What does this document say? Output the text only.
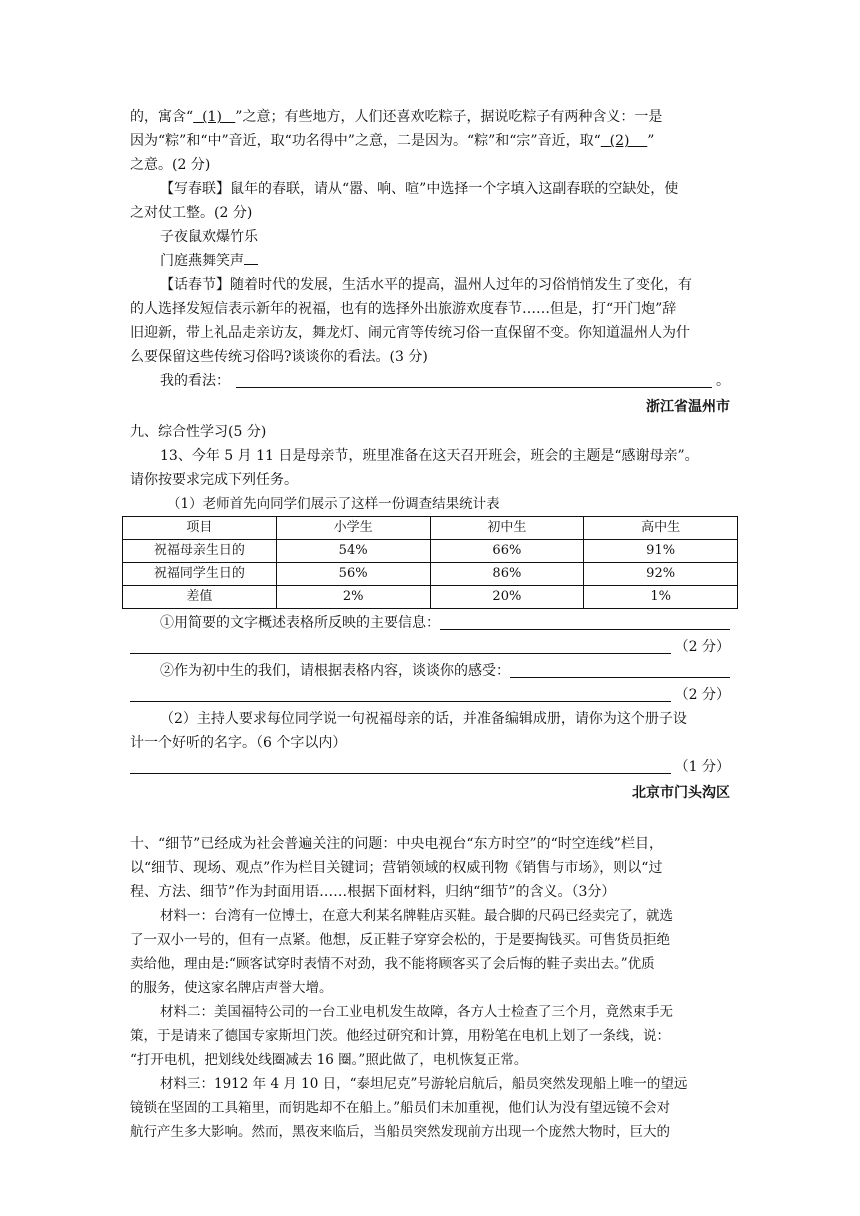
的，寓含“ (1) ”之意；有些地方，人们还喜欢吃粽子，据说吃粽子有两种含义：一是

因为“粽”和“中”音近，取“功名得中”之意，二是因为。“粽”和“宗”音近，取“ (2) ”

之意。(2 分)

【写春联】鼠年的春联，请从“嚣、响、喧”中选择一个字填入这副春联的空缺处，使

之对仗工整。(2 分)

子夜鼠欢爆竹乐

门庭燕舞笑声

【话春节】随着时代的发展，生活水平的提高，温州人过年的习俗悄悄发生了变化，有

的人选择发短信表示新年的祝福，也有的选择外出旅游欢度春节……但是，打“开门炮”辞

旧迎新，带上礼品走亲访友，舞龙灯、闹元宵等传统习俗一直保留不变。你知道温州人为什

么要保留这些传统习俗吗?谈谈你的看法。(3 分)

我的看法：	。

浙江省温州市

九、综合性学习(5 分)

13、今年 5 月 11 日是母亲节，班里准备在这天召开班会，班会的主题是“感谢母亲”。

请你按要求完成下列任务。

（1）老师首先向同学们展示了这样一份调查结果统计表

项目	小学生	初中生	高中生
祝福母亲生日的	54%	66%	91%
祝福同学生日的	56%	86%	92%
差值	2%	20%	1%
①用简要的文字概述表格所反映的主要信息：
（2 分）
②作为初中生的我们，请根据表格内容，谈谈你的感受：
（2 分）

（2）主持人要求每位同学说一句祝福母亲的话，并准备编辑成册，请你为这个册子设

计一个好听的名字。（6 个字以内）

（1 分）

北京市门头沟区

十、“细节”已经成为社会普遍关注的问题：中央电视台“东方时空”的“时空连线”栏目，

以“细节、现场、观点”作为栏目关键词；营销领域的权威刊物《销售与市场》，则以“过

程、方法、细节”作为封面用语……根据下面材料，归纳“细节”的含义。（3分）

材料一：台湾有一位博士，在意大利某名牌鞋店买鞋。最合脚的尺码已经卖完了，就选

了一双小一号的，但有一点紧。他想，反正鞋子穿穿会松的，于是要掏钱买。可售货员拒绝

卖给他，理由是:“顾客试穿时表情不对劲，我不能将顾客买了会后悔的鞋子卖出去。”优质

的服务，使这家名牌店声誉大增。

材料二：美国福特公司的一台工业电机发生故障，各方人士检查了三个月，竟然束手无

策，于是请来了德国专家斯坦门茨。他经过研究和计算，用粉笔在电机上划了一条线，说：

“打开电机，把划线处线圈减去 16 圈。”照此做了，电机恢复正常。

材料三：1912 年 4 月 10 日，“泰坦尼克”号游轮启航后，船员突然发现船上唯一的望远

镜锁在坚固的工具箱里，而钥匙却不在船上。”船员们未加重视，他们认为没有望远镜不会对

航行产生多大影响。然而，黑夜来临后，当船员突然发现前方出现一个庞然大物时，巨大的
